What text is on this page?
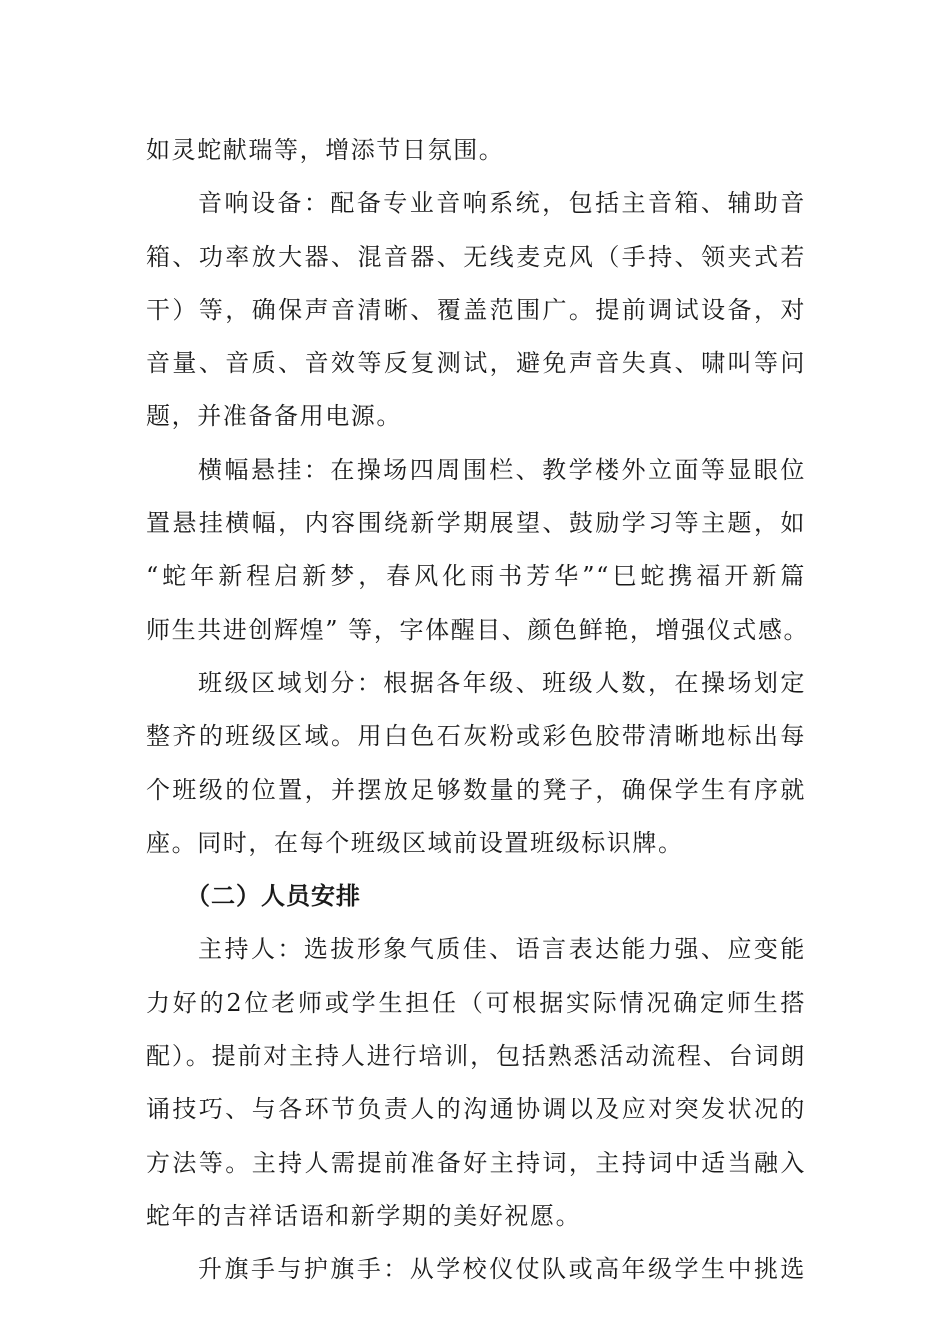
如灵蛇献瑞等，增添节日氛围。
音响设备：配备专业音响系统，包括主音箱、辅助音
箱、功率放大器、混音器、无线麦克风（手持、领夹式若
干）等，确保声音清晰、覆盖范围广。提前调试设备，对
音量、音质、音效等反复测试，避免声音失真、啸叫等问
题，并准备备用电源。
横幅悬挂：在操场四周围栏、教学楼外立面等显眼位
置悬挂横幅，内容围绕新学期展望、鼓励学习等主题，如
“蛇年新程启新梦，春风化雨书芳华”“巳蛇携福开新篇
师生共进创辉煌” 等，字体醒目、颜色鲜艳，增强仪式感。
班级区域划分：根据各年级、班级人数，在操场划定
整齐的班级区域。用白色石灰粉或彩色胶带清晰地标出每
个班级的位置，并摆放足够数量的凳子，确保学生有序就
座。同时，在每个班级区域前设置班级标识牌。
（二）人员安排
主持人：选拔形象气质佳、语言表达能力强、应变能
力好的2位老师或学生担任（可根据实际情况确定师生搭
配）。提前对主持人进行培训，包括熟悉活动流程、台词朗
诵技巧、与各环节负责人的沟通协调以及应对突发状况的
方法等。主持人需提前准备好主持词，主持词中适当融入
蛇年的吉祥话语和新学期的美好祝愿。
升旗手与护旗手：从学校仪仗队或高年级学生中挑选
